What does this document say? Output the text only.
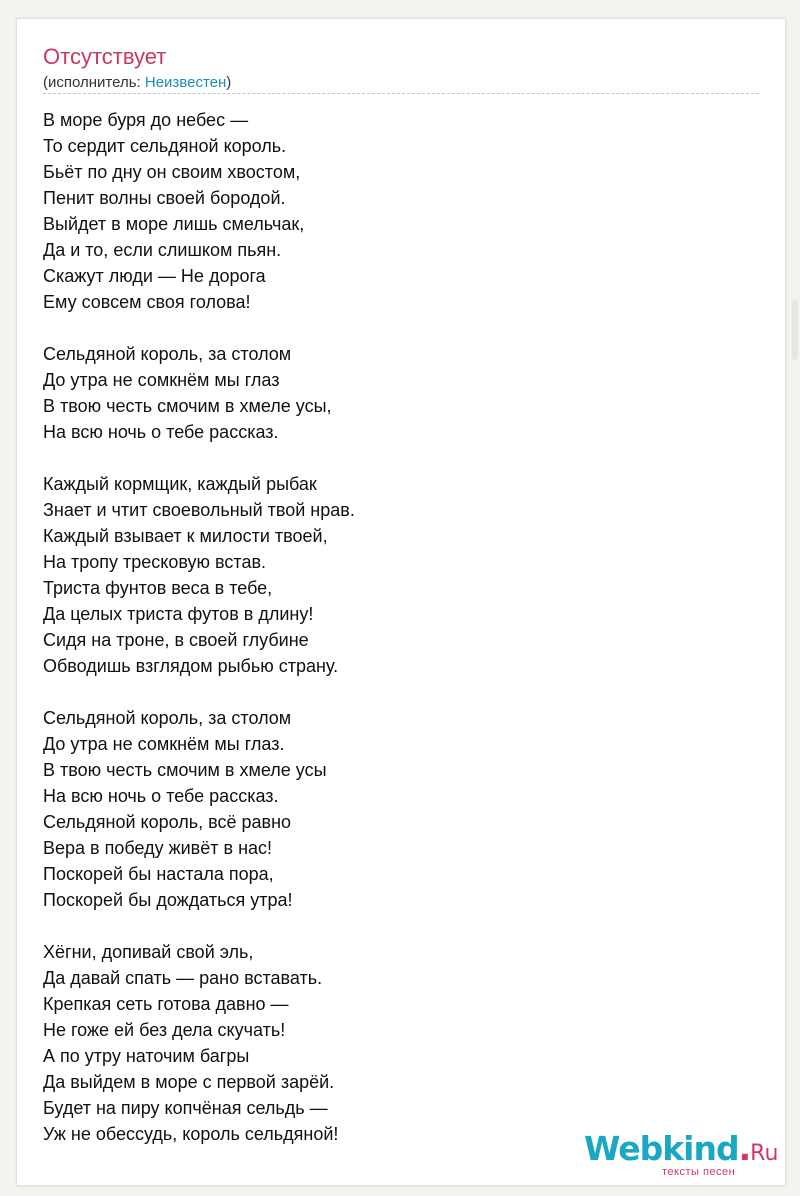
Отсутствует
(исполнитель: Неизвестен)
В море буря до небес —
То сердит сельдяной король.
Бьёт по дну он своим хвостом,
Пенит волны своей бородой.
Выйдет в море лишь смельчак,
Да и то, если слишком пьян.
Скажут люди — Не дорога
Ему совсем своя голова!
Сельдяной король, за столом
До утра не сомкнём мы глаз
В твою честь смочим в хмеле усы,
На всю ночь о тебе рассказ.
Каждый кормщик, каждый рыбак
Знает и чтит своевольный твой нрав.
Каждый взывает к милости твоей,
На тропу тресковую встав.
Триста фунтов веса в тебе,
Да целых триста футов в длину!
Сидя на троне, в своей глубине
Обводишь взглядом рыбью страну.
Сельдяной король, за столом
До утра не сомкнём мы глаз.
В твою честь смочим в хмеле усы
На всю ночь о тебе рассказ.
Сельдяной король, всё равно
Вера в победу живёт в нас!
Поскорей бы настала пора,
Поскорей бы дождаться утра!
Хёгни, допивай свой эль,
Да давай спать — рано вставать.
Крепкая сеть готова давно —
Не гоже ей без дела скучать!
А по утру наточим багры
Да выйдем в море с первой зарёй.
Будет на пиру копчёная сельдь —
Уж не обессудь, король сельдяной!	Webkind.Ru
тексты песен
